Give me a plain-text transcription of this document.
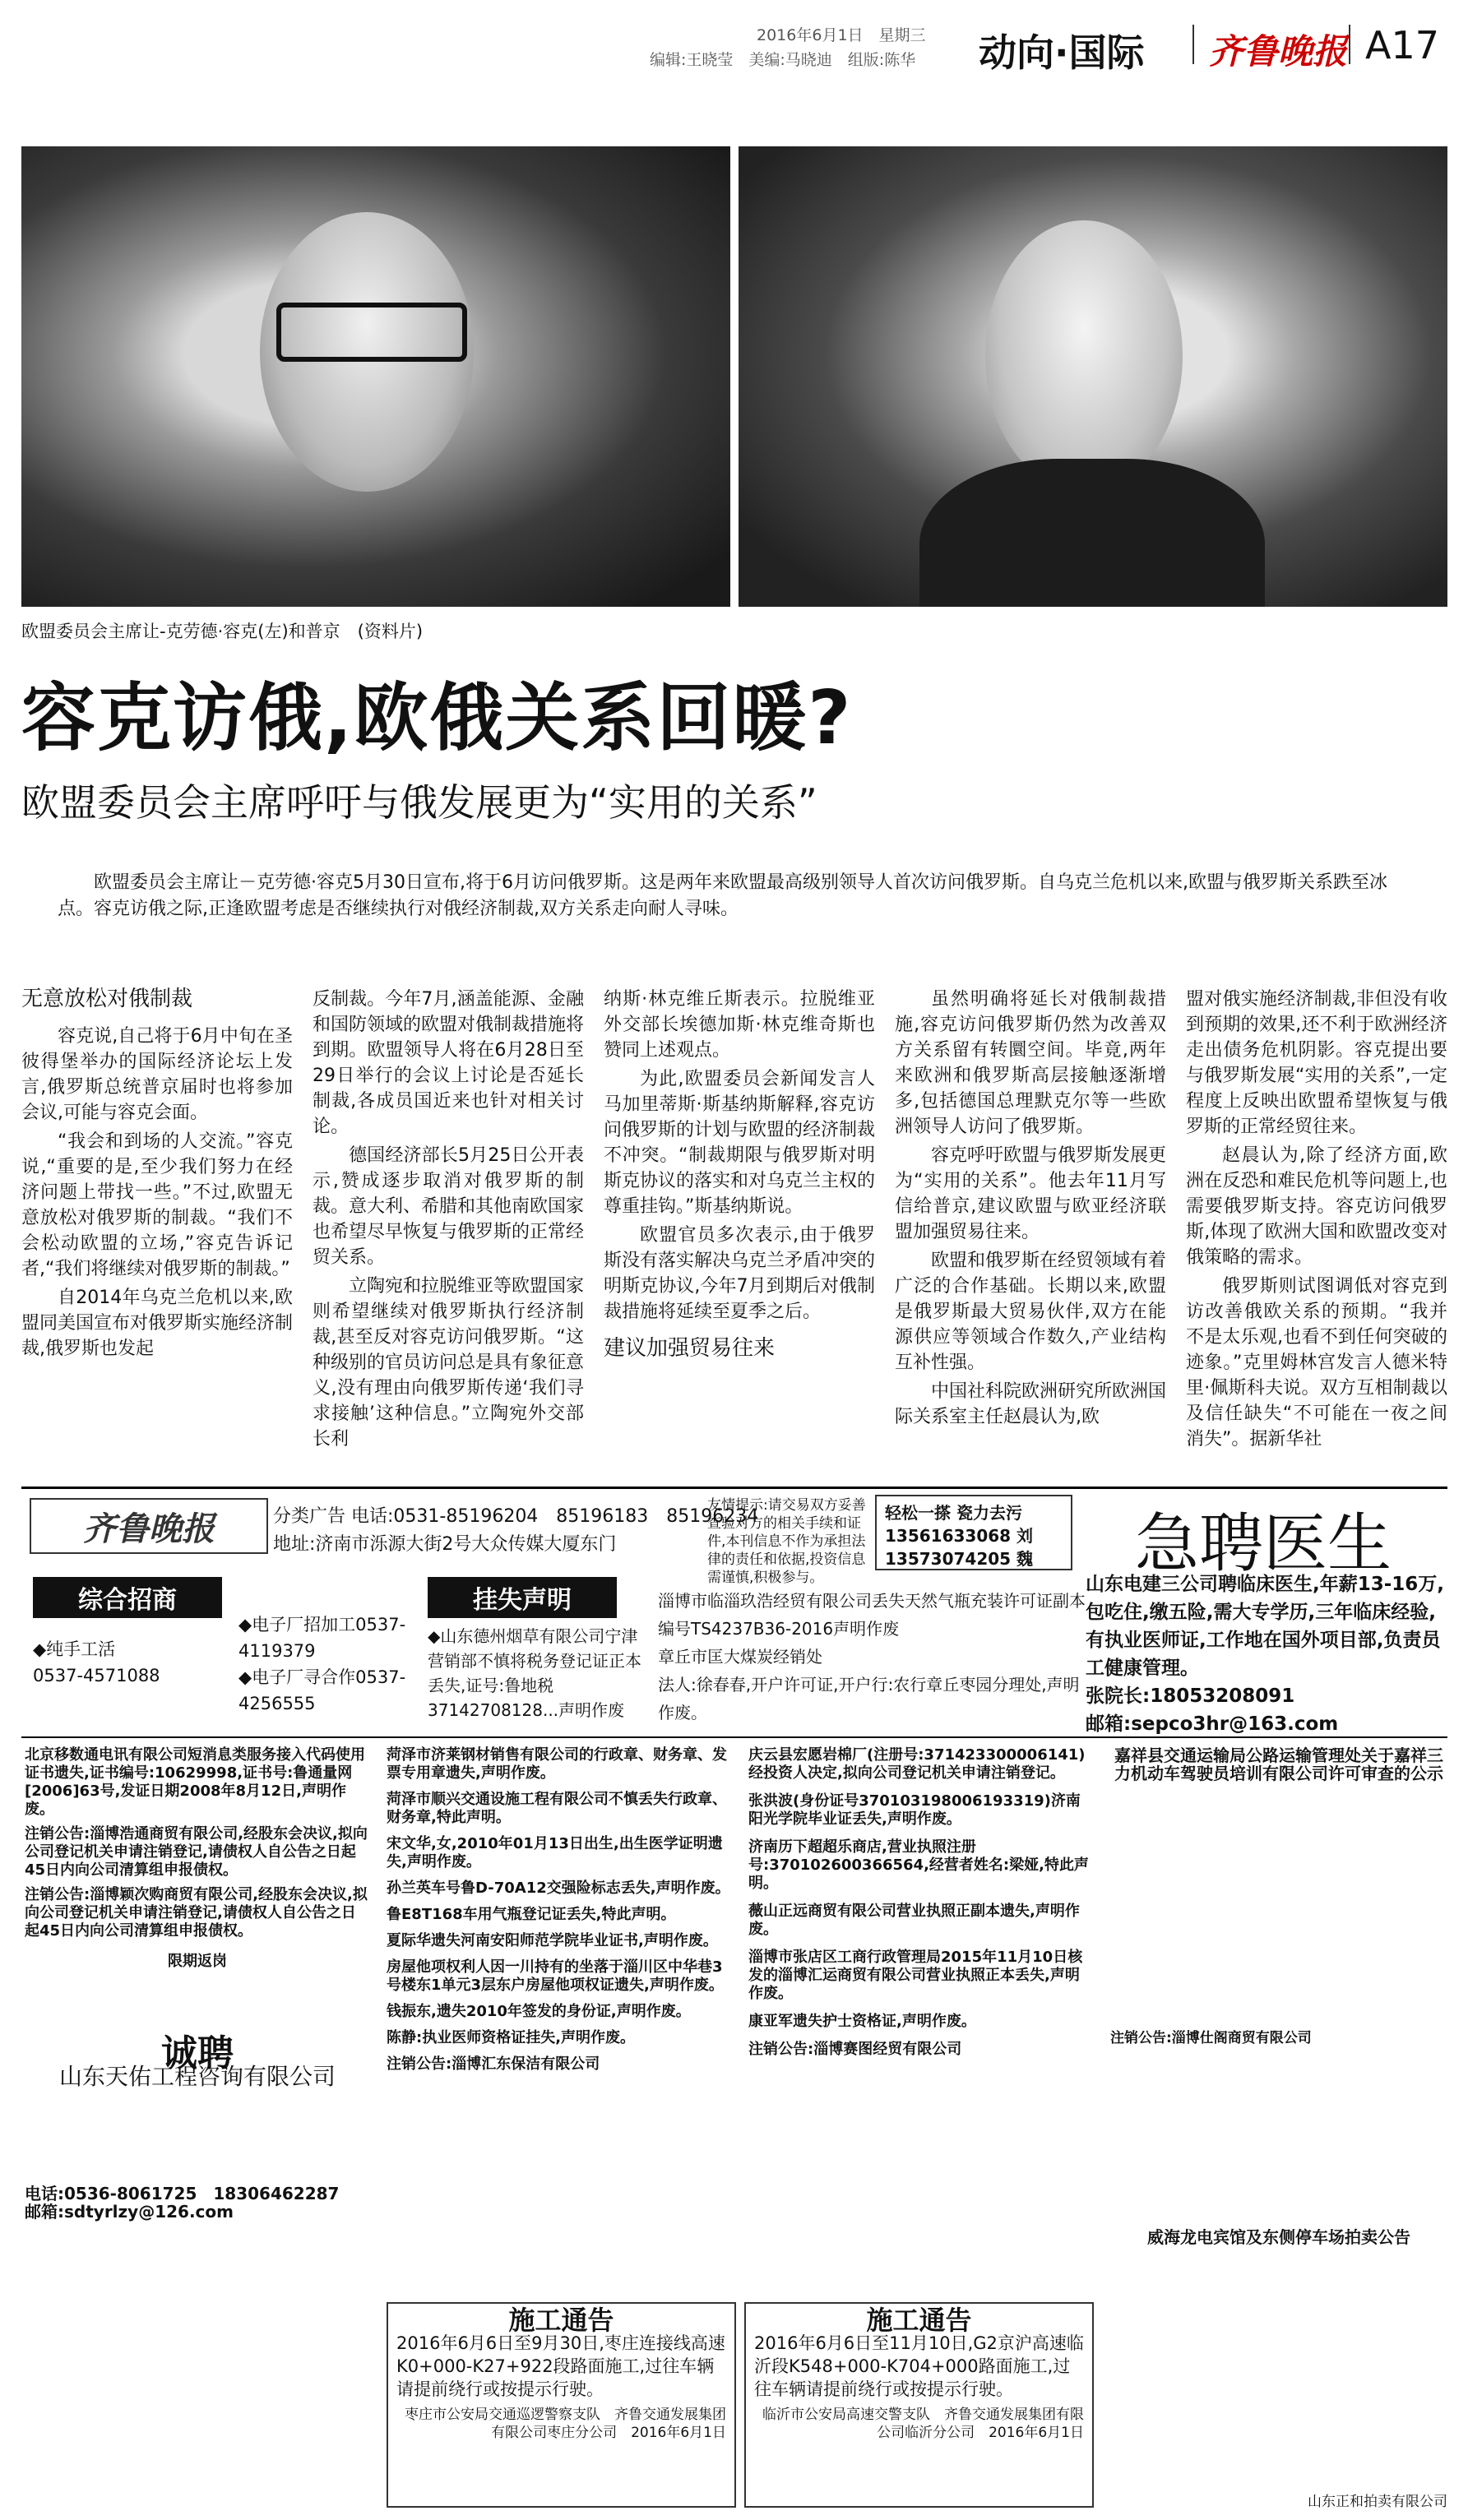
2016年6月1日　星期三
编辑:王晓莹　美编:马晓迪　组版:陈华 动向·国际 齐鲁晚报 A17
欧盟委员会主席让-克劳德·容克(左)和普京　(资料片)
容克访俄,欧俄关系回暖?
欧盟委员会主席呼吁与俄发展更为“实用的关系”
欧盟委员会主席让－克劳德·容克5月30日宣布,将于6月访问俄罗斯。这是两年来欧盟最高级别领导人首次访问俄罗斯。自乌克兰危机以来,欧盟与俄罗斯关系跌至冰点。容克访俄之际,正逢欧盟考虑是否继续执行对俄经济制裁,双方关系走向耐人寻味。
无意放松对俄制裁

容克说,自己将于6月中旬在圣彼得堡举办的国际经济论坛上发言,俄罗斯总统普京届时也将参加会议,可能与容克会面。

“我会和到场的人交流。”容克说,“重要的是,至少我们努力在经济问题上带找一些。”不过,欧盟无意放松对俄罗斯的制裁。“我们不会松动欧盟的立场,”容克告诉记者,“我们将继续对俄罗斯的制裁。”

自2014年乌克兰危机以来,欧盟同美国宣布对俄罗斯实施经济制裁,俄罗斯也发起

反制裁。今年7月,涵盖能源、金融和国防领域的欧盟对俄制裁措施将到期。欧盟领导人将在6月28日至29日举行的会议上讨论是否延长制裁,各成员国近来也针对相关讨论。

德国经济部长5月25日公开表示,赞成逐步取消对俄罗斯的制裁。意大利、希腊和其他南欧国家也希望尽早恢复与俄罗斯的正常经贸关系。

立陶宛和拉脱维亚等欧盟国家则希望继续对俄罗斯执行经济制裁,甚至反对容克访问俄罗斯。“这种级别的官员访问总是具有象征意义,没有理由向俄罗斯传递‘我们寻求接触’这种信息。”立陶宛外交部长利

纳斯·林克维丘斯表示。拉脱维亚外交部长埃德加斯·林克维奇斯也赞同上述观点。

为此,欧盟委员会新闻发言人马加里蒂斯·斯基纳斯解释,容克访问俄罗斯的计划与欧盟的经济制裁不冲突。“制裁期限与俄罗斯对明斯克协议的落实和对乌克兰主权的尊重挂钩。”斯基纳斯说。

欧盟官员多次表示,由于俄罗斯没有落实解决乌克兰矛盾冲突的明斯克协议,今年7月到期后对俄制裁措施将延续至夏季之后。

建议加强贸易往来

虽然明确将延长对俄制裁措施,容克访问俄罗斯仍然为改善双方关系留有转圜空间。毕竟,两年来欧洲和俄罗斯高层接触逐渐增多,包括德国总理默克尔等一些欧洲领导人访问了俄罗斯。

容克呼吁欧盟与俄罗斯发展更为“实用的关系”。他去年11月写信给普京,建议欧盟与欧亚经济联盟加强贸易往来。

欧盟和俄罗斯在经贸领域有着广泛的合作基础。长期以来,欧盟是俄罗斯最大贸易伙伴,双方在能源供应等领域合作数久,产业结构互补性强。

中国社科院欧洲研究所欧洲国际关系室主任赵晨认为,欧

盟对俄实施经济制裁,非但没有收到预期的效果,还不利于欧洲经济走出债务危机阴影。容克提出要与俄罗斯发展“实用的关系”,一定程度上反映出欧盟希望恢复与俄罗斯的正常经贸往来。

赵晨认为,除了经济方面,欧洲在反恐和难民危机等问题上,也需要俄罗斯支持。容克访问俄罗斯,体现了欧洲大国和欧盟改变对俄策略的需求。

俄罗斯则试图调低对容克到访改善俄欧关系的预期。“我并不是太乐观,也看不到任何突破的迹象。”克里姆林宫发言人德米特里·佩斯科夫说。双方互相制裁以及信任缺失“不可能在一夜之间消失”。据新华社

齐鲁晚报	分类广告 电话:0531-85196204　85196183　85196234
地址:济南市泺源大街2号大众传媒大厦东门
友情提示:请交易双方妥善查验对方的相关手续和证件,本刊信息不作为承担法律的责任和依据,投资信息需谨慎,积极参与。
轻松一搽 瓷力去污
13561633068 刘　13573074205 魏	急聘医生
山东电建三公司聘临床医生,年薪13-16万,包吃住,缴五险,需大专学历,三年临床经验,有执业医师证,工作地在国外项目部,负责员工健康管理。
张院长:18053208091
邮箱:sepco3hr@163.com
综合招商	挂失声明
◆纯手工活
0537-4571088
◆电子厂招加工0537-4119379
◆电子厂寻合作0537-4256555
◆山东德州烟草有限公司宁津营销部不慎将税务登记证正本丢失,证号:鲁地税37142708128...声明作废
淄博市临淄玖浩经贸有限公司丢失天然气瓶充装许可证副本编号TS4237B36-2016声明作废
章丘市匡大煤炭经销处
法人:徐春春,开户许可证,开户行:农行章丘枣园分理处,声明作废。

北京移数通电讯有限公司短消息类服务接入代码使用证书遗失,证书编号:10629998,证书号:鲁通量网[2006]63号,发证日期2008年8月12日,声明作废。

注销公告:淄博浩通商贸有限公司,经股东会决议,拟向公司登记机关申请注销登记,请债权人自公告之日起45日内向公司清算组申报债权。

注销公告:淄博颖次购商贸有限公司,经股东会决议,拟向公司登记机关申请注销登记,请债权人自公告之日起45日内向公司清算组申报债权。

限期返岗

诚聘
山东天佑工程咨询有限公司
电话:0536-8061725　18306462287
邮箱:sdtyrlzy@126.com

菏泽市济莱钢材销售有限公司的行政章、财务章、发票专用章遗失,声明作废。

菏泽市顺兴交通设施工程有限公司不慎丢失行政章、财务章,特此声明。

宋文华,女,2010年01月13日出生,出生医学证明遗失,声明作废。

孙兰英车号鲁D-70A12交强险标志丢失,声明作废。

鲁E8T168车用气瓶登记证丢失,特此声明。

夏际华遗失河南安阳师范学院毕业证书,声明作废。

房屋他项权利人因一川持有的坐落于淄川区中华巷3号楼东1单元3层东户房屋他项权证遗失,声明作废。

钱振东,遗失2010年签发的身份证,声明作废。

陈静:执业医师资格证挂失,声明作废。

注销公告:淄博汇东保洁有限公司

庆云县宏愿岩棉厂(注册号:371423300006141)经投资人决定,拟向公司登记机关申请注销登记。

张洪波(身份证号370103198006193319)济南阳光学院毕业证丢失,声明作废。

济南历下超超乐商店,营业执照注册号:370102600366564,经营者姓名:梁娅,特此声明。

薇山正远商贸有限公司营业执照正副本遗失,声明作废。

淄博市张店区工商行政管理局2015年11月10日核发的淄博汇运商贸有限公司营业执照正本丢失,声明作废。

康亚军遗失护士资格证,声明作废。

注销公告:淄博赛图经贸有限公司

嘉祥县交通运输局公路运输管理处关于嘉祥三力机动车驾驶员培训有限公司许可审查的公示
注销公告:淄博仕阁商贸有限公司
威海龙电宾馆及东侧停车场拍卖公告
山东正和拍卖有限公司
施工通告
2016年6月6日至9月30日,枣庄连接线高速K0+000-K27+922段路面施工,过往车辆请提前绕行或按提示行驶。
枣庄市公安局交通巡逻警察支队　齐鲁交通发展集团有限公司枣庄分公司　2016年6月1日
施工通告
2016年6月6日至11月10日,G2京沪高速临沂段K548+000-K704+000路面施工,过往车辆请提前绕行或按提示行驶。
临沂市公安局高速交警支队　齐鲁交通发展集团有限公司临沂分公司　2016年6月1日
